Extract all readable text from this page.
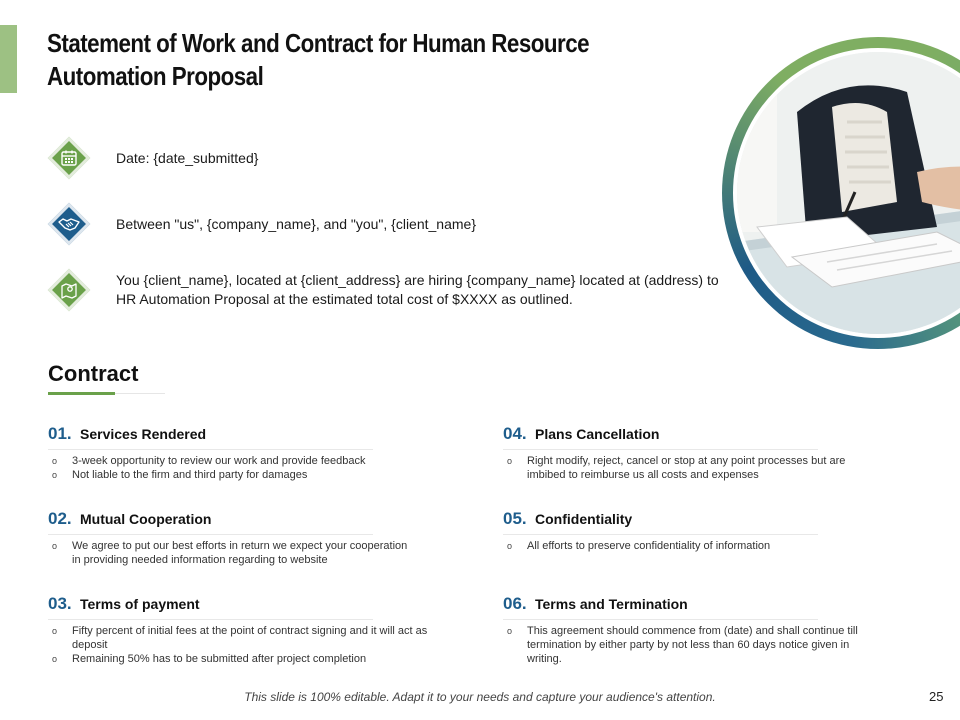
Statement of Work and Contract for Human Resource Automation Proposal
Date: {date_submitted}
Between "us", {company_name}, and "you", {client_name}
You {client_name}, located at {client_address} are hiring {company_name} located at (address) to HR Automation Proposal at the estimated total cost of $XXXX as outlined.
Contract
01. Services Rendered
o 3-week opportunity to review our work and provide feedback
o Not liable to the firm and third party for damages
02. Mutual Cooperation
o We agree to put our best efforts in return we expect your cooperation in providing needed information regarding to website
03. Terms of payment
o Fifty percent of initial fees at the point of contract signing and it will act as deposit
o Remaining 50% has to be submitted after project completion
04. Plans Cancellation
o Right modify, reject, cancel or stop at any point processes but are imbibed to reimburse us all costs and expenses
05. Confidentiality
o All efforts to preserve confidentiality of information
06. Terms and Termination
o This agreement should commence from (date) and shall continue till termination by either party by not less than 60 days notice given in writing.
This slide is 100% editable. Adapt it to your needs and capture your audience's attention.	25
